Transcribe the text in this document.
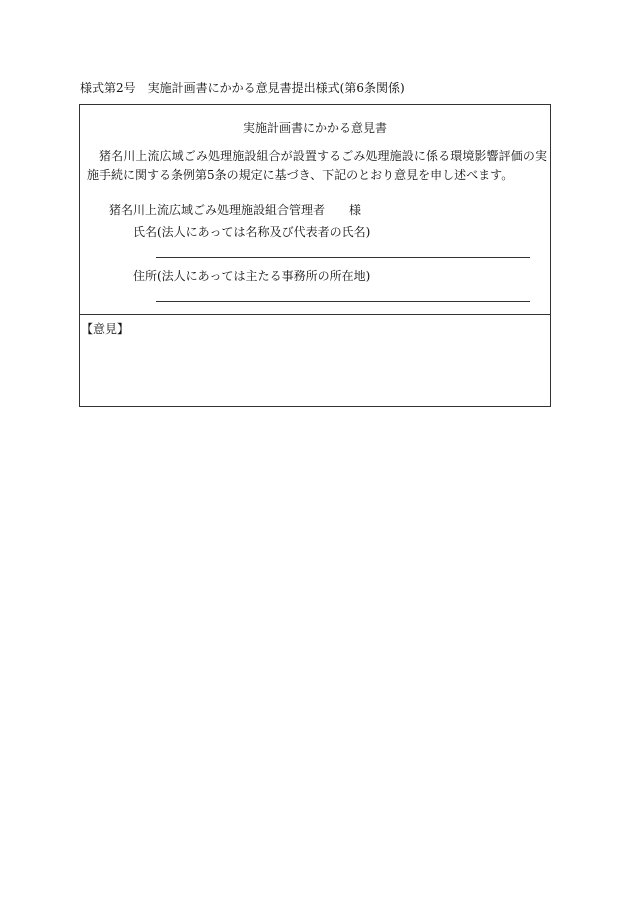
様式第2号　実施計画書にかかる意見書提出様式(第6条関係)
実施計画書にかかる意見書
猪名川上流広域ごみ処理施設組合が設置するごみ処理施設に係る環境影響評価の実施手続に関する条例第5条の規定に基づき、下記のとおり意見を申し述べます。
猪名川上流広域ごみ処理施設組合管理者　　様
氏名(法人にあっては名称及び代表者の氏名)
住所(法人にあっては主たる事務所の所在地)
【意見】
